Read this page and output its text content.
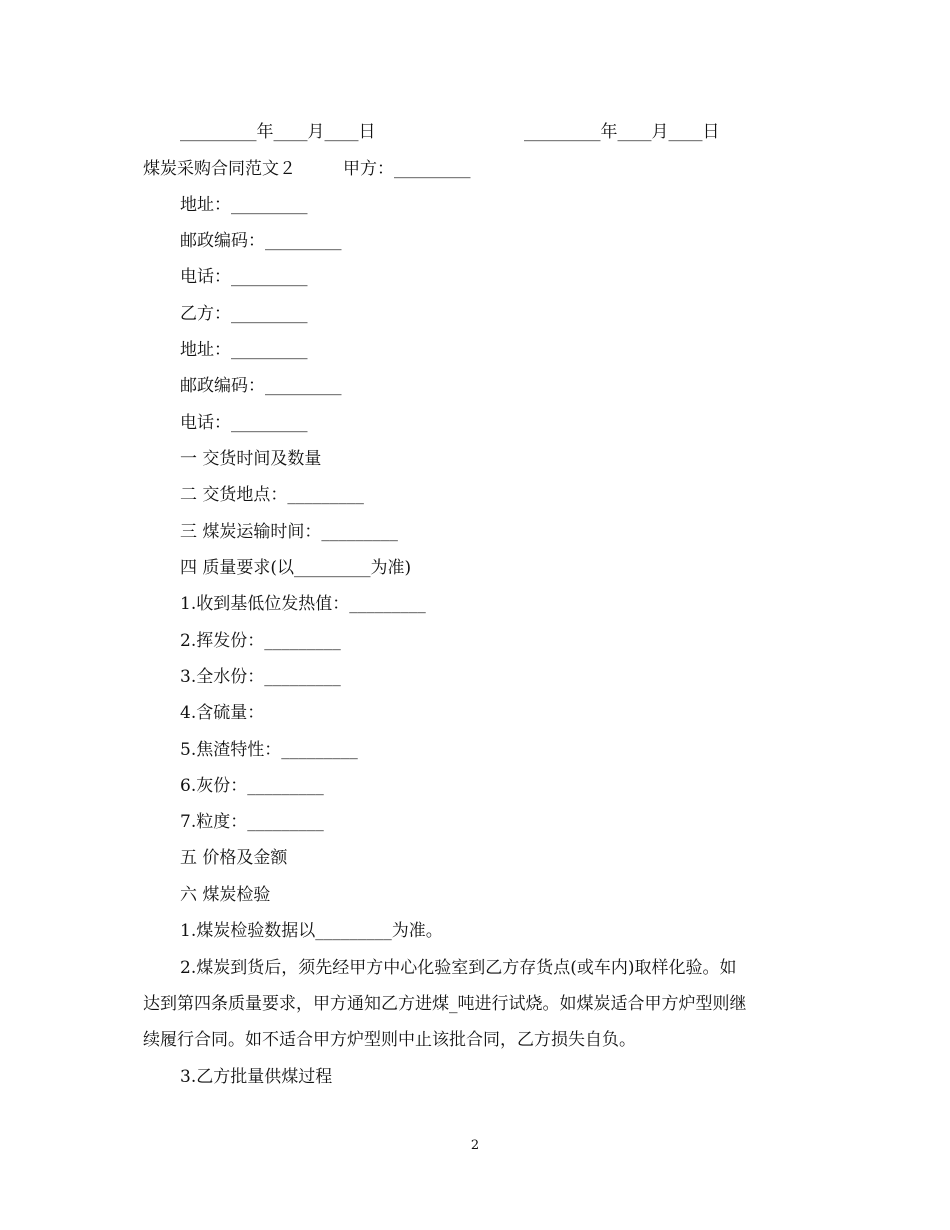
_________年____月____日	_________年____月____日
煤炭采购合同范文２	甲方：_________
地址：_________
邮政编码：_________
电话：_________
乙方：_________
地址：_________
邮政编码：_________
电话：_________
一 交货时间及数量
二 交货地点：_________
三 煤炭运输时间：_________
四 质量要求(以_________为准)
1.收到基低位发热值：_________
2.挥发份：_________
3.全水份：_________
4.含硫量：
5.焦渣特性：_________
6.灰份：_________
7.粒度：_________
五 价格及金额
六 煤炭检验
1.煤炭检验数据以_________为准。
2.煤炭到货后，须先经甲方中心化验室到乙方存货点(或车内)取样化验。如
达到第四条质量要求，甲方通知乙方进煤_吨进行试烧。如煤炭适合甲方炉型则继
续履行合同。如不适合甲方炉型则中止该批合同，乙方损失自负。
3.乙方批量供煤过程
2
